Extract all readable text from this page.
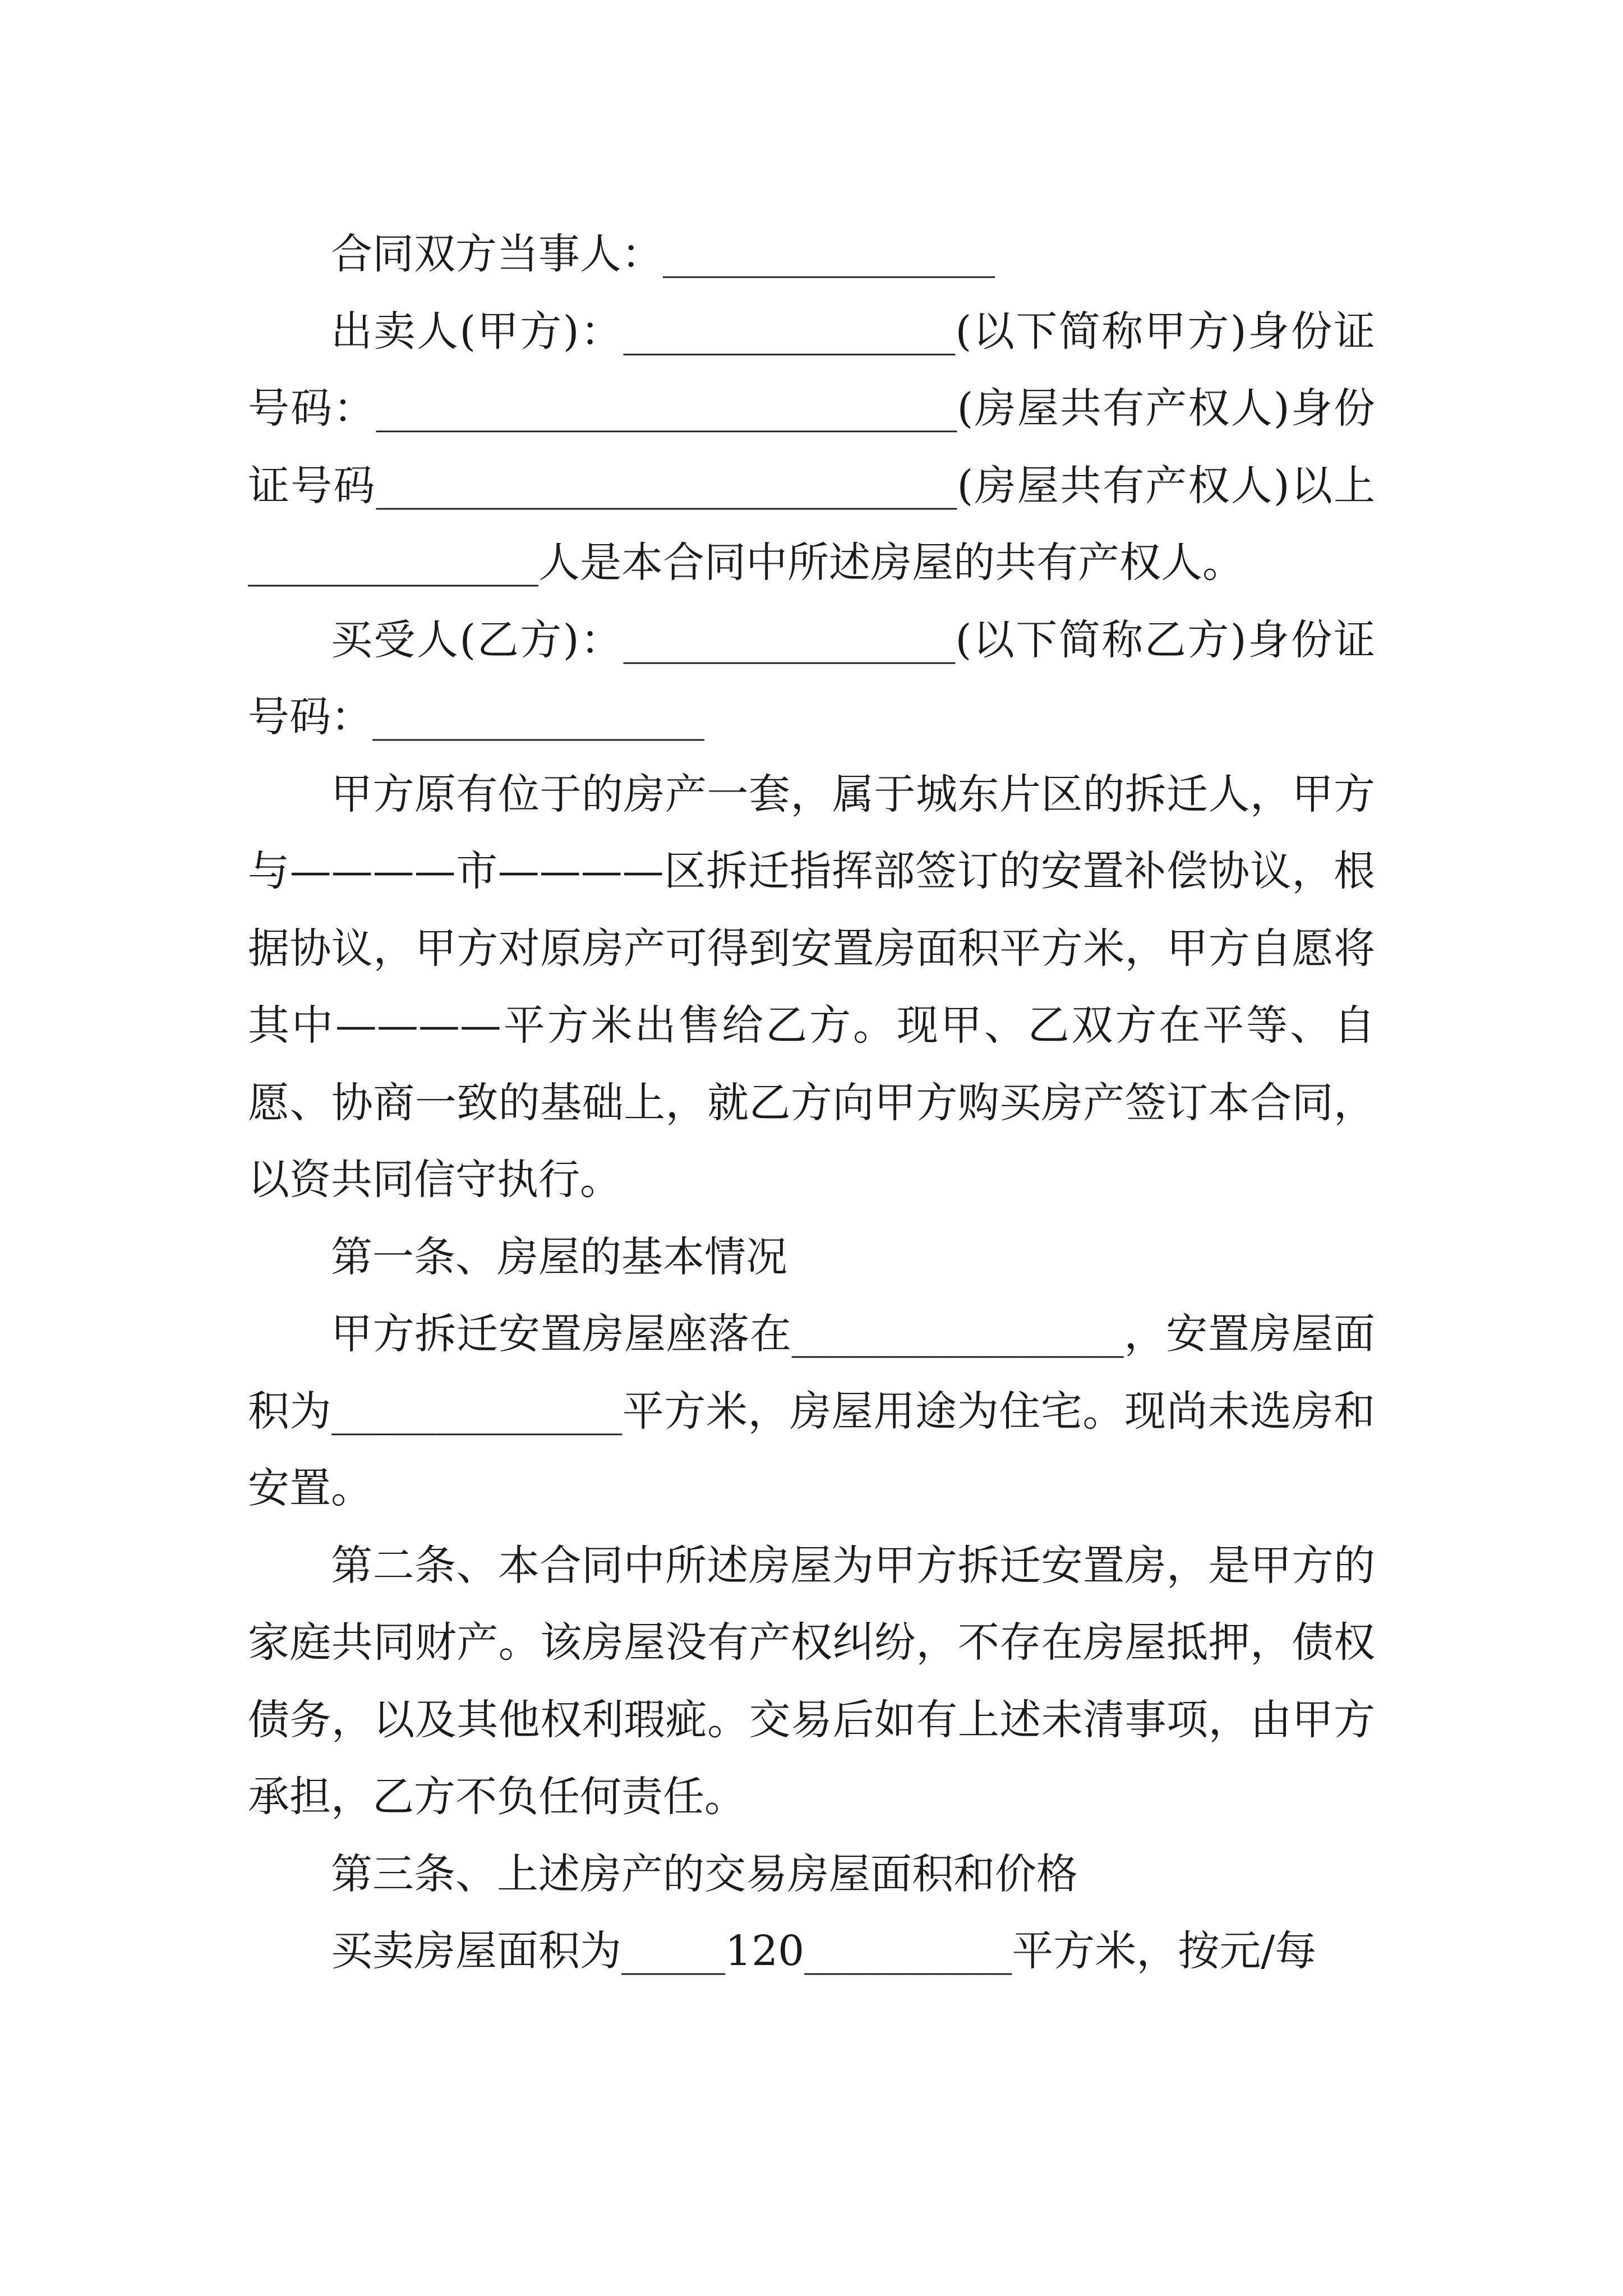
合同双方当事人：________________

出卖人(甲方)：________________(以下简称甲方)身份证号码：____________________________(房屋共有产权人)身份证号码____________________________(房屋共有产权人)以上______________人是本合同中所述房屋的共有产权人。

买受人(乙方)：________________(以下简称乙方)身份证号码：________________

甲方原有位于的房产一套，属于城东片区的拆迁人，甲方与————市————区拆迁指挥部签订的安置补偿协议，根据协议，甲方对原房产可得到安置房面积平方米，甲方自愿将其中————平方米出售给乙方。现甲、乙双方在平等、自愿、协商一致的基础上，就乙方向甲方购买房产签订本合同，以资共同信守执行。

第一条、房屋的基本情况

甲方拆迁安置房屋座落在________________，安置房屋面积为______________平方米，房屋用途为住宅。现尚未选房和安置。

第二条、本合同中所述房屋为甲方拆迁安置房，是甲方的家庭共同财产。该房屋没有产权纠纷，不存在房屋抵押，债权债务，以及其他权利瑕疵。交易后如有上述未清事项，由甲方承担，乙方不负任何责任。

第三条、上述房产的交易房屋面积和价格

买卖房屋面积为_____120__________平方米，按元/每
